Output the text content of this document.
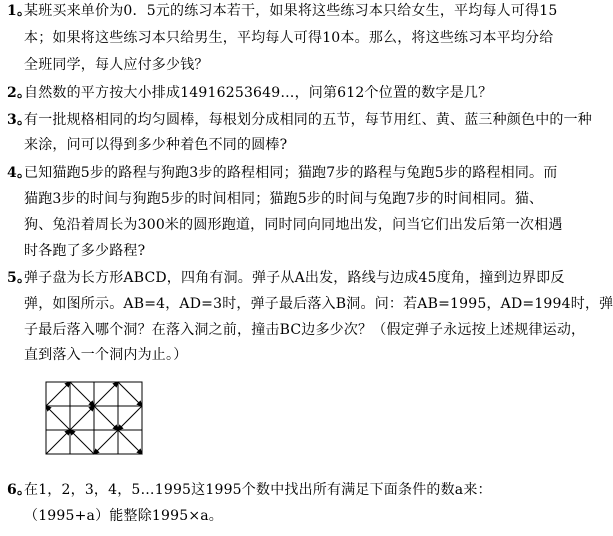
1。
某班买来单价为0．5元的练习本若干，如果将这些练习本只给女生，平均每人可得15
本；如果将这些练习本只给男生，平均每人可得10本。那么，将这些练习本平均分给
全班同学，每人应付多少钱？
2。
自然数的平方按大小排成14916253649…，问第612个位置的数字是几？
3。
有一批规格相同的均匀圆棒，每根划分成相同的五节，每节用红、黄、蓝三种颜色中的一种
来涂，问可以得到多少种着色不同的圆棒?
4。
已知猫跑5步的路程与狗跑3步的路程相同；猫跑7步的路程与兔跑5步的路程相同。而
猫跑3步的时间与狗跑5步的时间相同；猫跑5步的时间与兔跑7步的时间相同。猫、
狗、兔沿着周长为300米的圆形跑道，同时同向同地出发，问当它们出发后第一次相遇
时各跑了多少路程?
5。
弹子盘为长方形ABCD，四角有洞。弹子从A出发，路线与边成45度角，撞到边界即反
弹，如图所示。AB=4，AD=3时，弹子最后落入B洞。问：若AB=1995，AD=1994时，弹
子最后落入哪个洞？在落入洞之前，撞击BC边多少次？（假定弹子永远按上述规律运动，
直到落入一个洞内为止。）
6。
在1，2，3，4，5…1995这1995个数中找出所有满足下面条件的数a来：
（1995+a）能整除1995×a。
